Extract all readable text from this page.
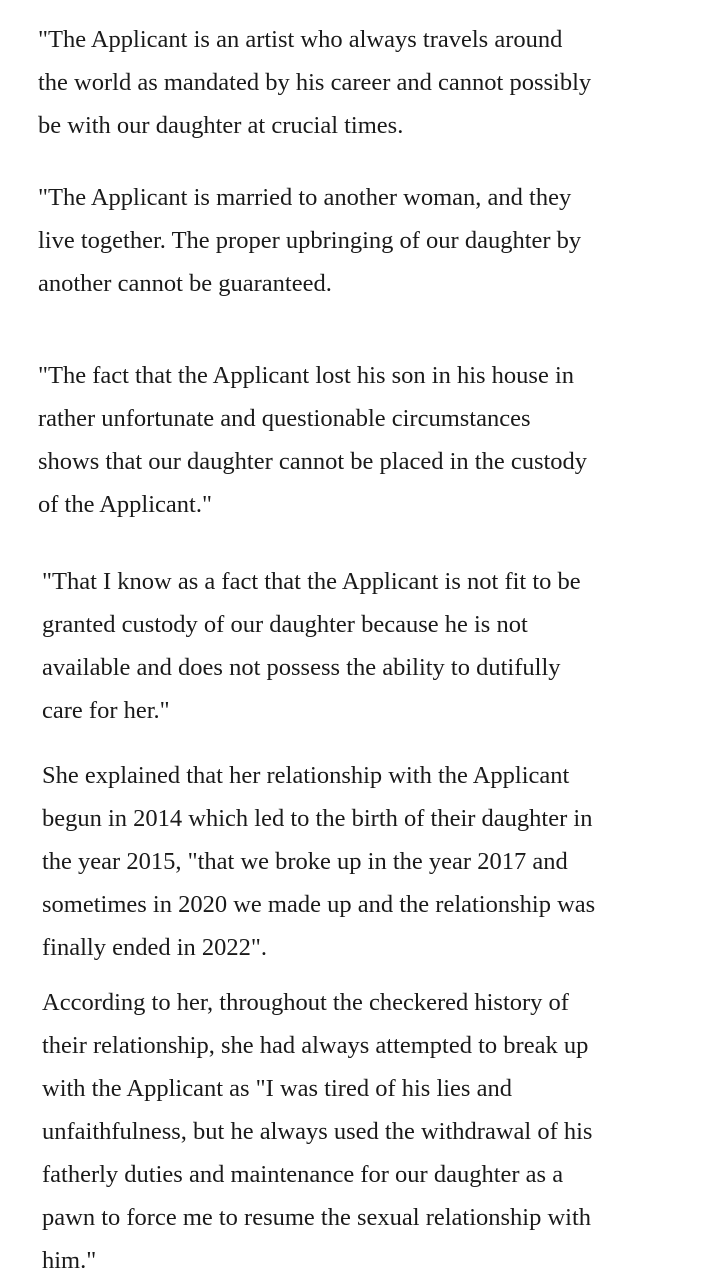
"The Applicant is an artist who always travels around
the world as mandated by his career and cannot possibly
be with our daughter at crucial times.

"The Applicant is married to another woman, and they
live together. The proper upbringing of our daughter by
another cannot be guaranteed.

"The fact that the Applicant lost his son in his house in
rather unfortunate and questionable circumstances
shows that our daughter cannot be placed in the custody
of the Applicant."

"That I know as a fact that the Applicant is not fit to be
granted custody of our daughter because he is not
available and does not possess the ability to dutifully
care for her."

She explained that her relationship with the Applicant
begun in 2014 which led to the birth of their daughter in
the year 2015, "that we broke up in the year 2017 and
sometimes in 2020 we made up and the relationship was
finally ended in 2022".

According to her, throughout the checkered history of
their relationship, she had always attempted to break up
with the Applicant as "I was tired of his lies and
unfaithfulness, but he always used the withdrawal of his
fatherly duties and maintenance for our daughter as a
pawn to force me to resume the sexual relationship with
him."
